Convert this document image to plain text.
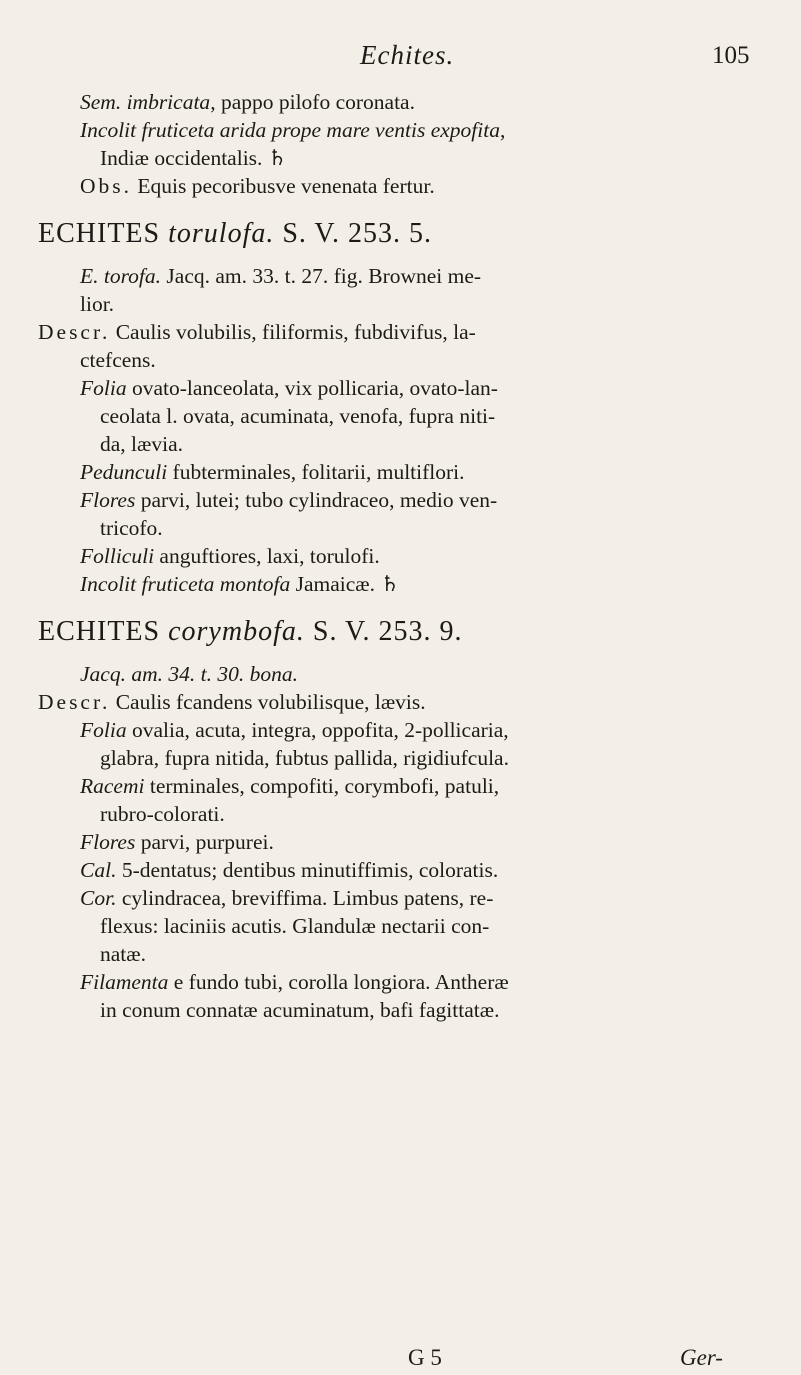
Echites.	105

Sem. imbricata, pappo pilofo coronata.

Incolit fruticeta arida prope mare ventis expofita,

Indiæ occidentalis. ♄

Obs. Equis pecoribusve venenata fertur.

ECHITES torulofa. S. V. 253. 5.

E. torofa. Jacq. am. 33. t. 27. fig. Brownei me-

lior.

Descr. Caulis volubilis, filiformis, fubdivifus, la-

ctefcens.

Folia ovato-lanceolata, vix pollicaria, ovato-lan-

ceolata l. ovata, acuminata, venofa, fupra niti-

da, lævia.

Pedunculi fubterminales, folitarii, multiflori.

Flores parvi, lutei; tubo cylindraceo, medio ven-

tricofo.

Folliculi anguftiores, laxi, torulofi.

Incolit fruticeta montofa Jamaicæ. ♄

ECHITES corymbofa. S. V. 253. 9.

Jacq. am. 34. t. 30. bona.

Descr. Caulis fcandens volubilisque, lævis.

Folia ovalia, acuta, integra, oppofita, 2-pollicaria,

glabra, fupra nitida, fubtus pallida, rigidiufcula.

Racemi terminales, compofiti, corymbofi, patuli,

rubro-colorati.

Flores parvi, purpurei.

Cal. 5-dentatus; dentibus minutiffimis, coloratis.

Cor. cylindracea, breviffima. Limbus patens, re-

flexus: laciniis acutis. Glandulæ nectarii con-

natæ.

Filamenta e fundo tubi, corolla longiora. Antheræ

in conum connatæ acuminatum, bafi fagittatæ.

G 5	Ger-
